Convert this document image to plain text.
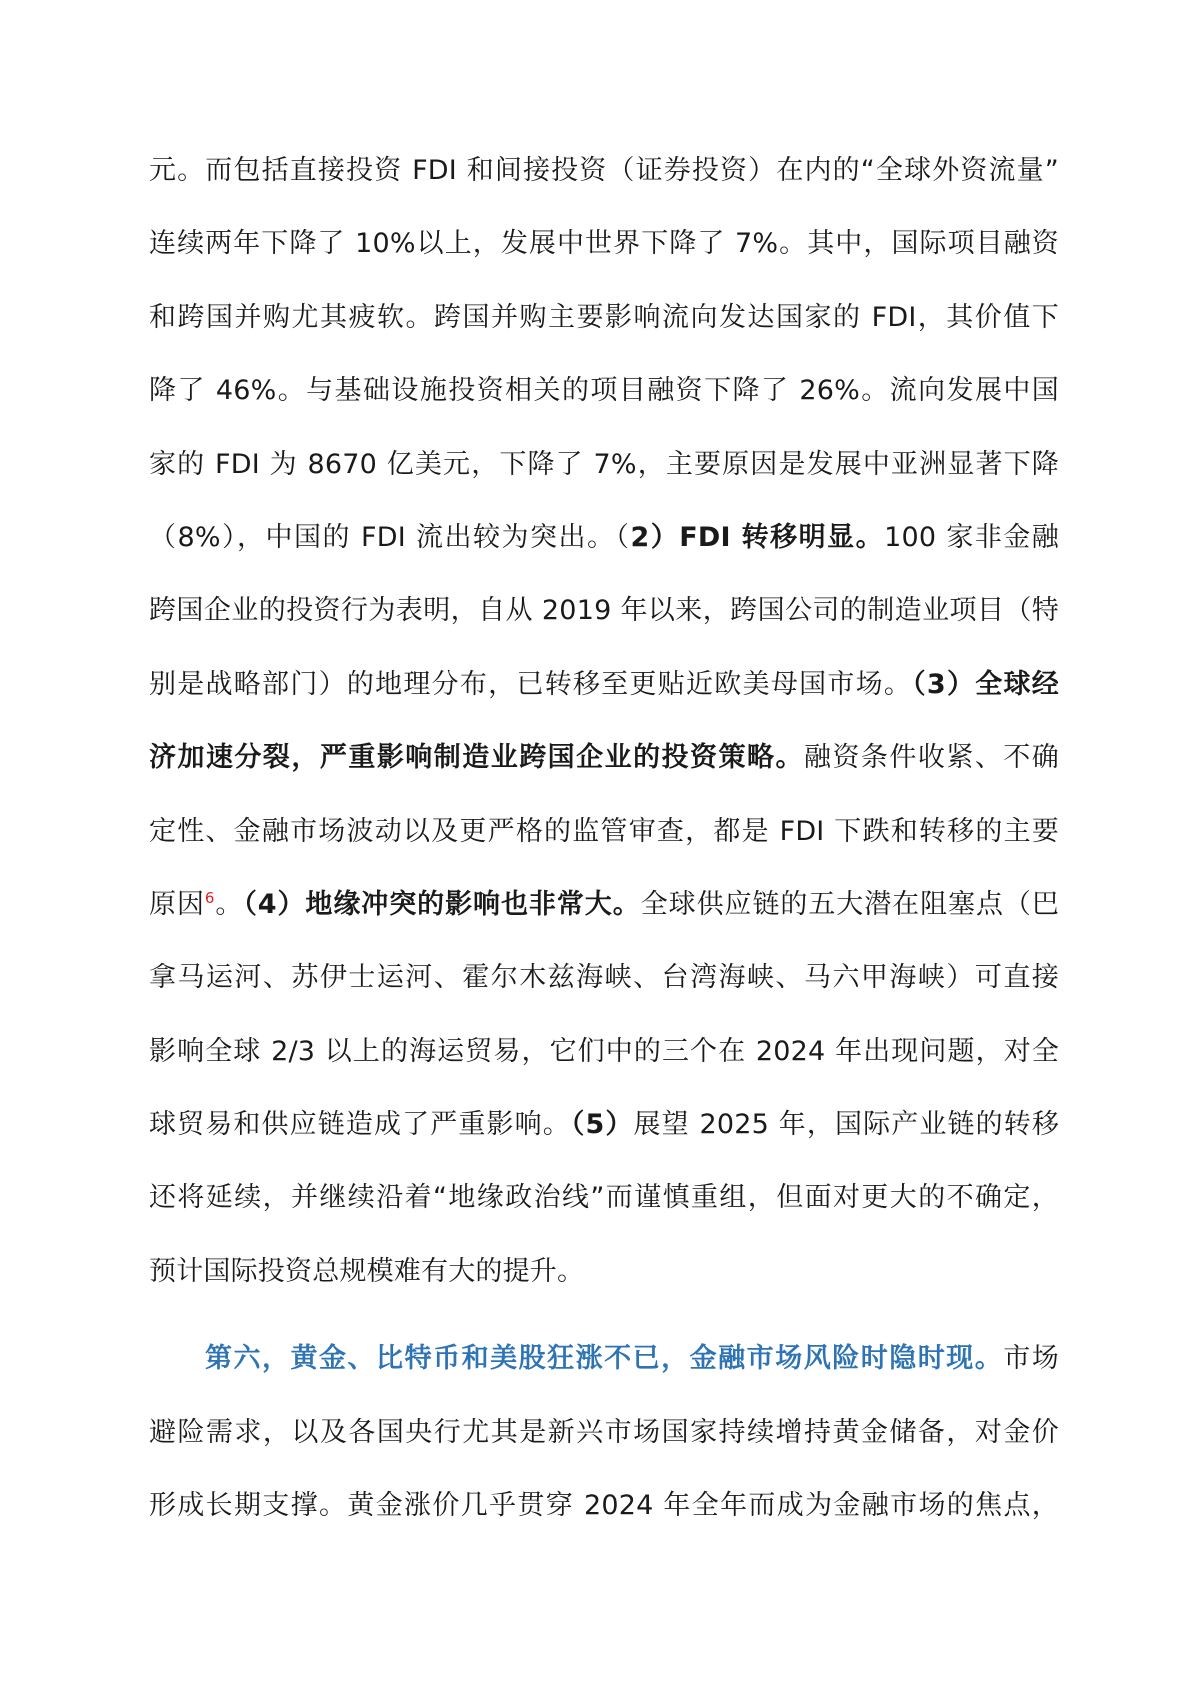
元。而包括直接投资 FDI 和间接投资（证券投资）在内的“全球外资流量”
连续两年下降了 10%以上，发展中世界下降了 7%。其中，国际项目融资
和跨国并购尤其疲软。跨国并购主要影响流向发达国家的 FDI，其价值下
降了 46%。与基础设施投资相关的项目融资下降了 26%。流向发展中国
家的 FDI 为 8670 亿美元，下降了 7%，主要原因是发展中亚洲显著下降
（8%），中国的 FDI 流出较为突出。（2）FDI 转移明显。100 家非金融
跨国企业的投资行为表明，自从 2019 年以来，跨国公司的制造业项目（特
别是战略部门）的地理分布，已转移至更贴近欧美母国市场。（3）全球经
济加速分裂，严重影响制造业跨国企业的投资策略。融资条件收紧、不确
定性、金融市场波动以及更严格的监管审查，都是 FDI 下跌和转移的主要
原因$^6$。（4）地缘冲突的影响也非常大。全球供应链的五大潜在阻塞点（巴
拿马运河、苏伊士运河、霍尔木兹海峡、台湾海峡、马六甲海峡）可直接
影响全球 2/3 以上的海运贸易，它们中的三个在 2024 年出现问题，对全
球贸易和供应链造成了严重影响。（5）展望 2025 年，国际产业链的转移
还将延续，并继续沿着“地缘政治线”而谨慎重组，但面对更大的不确定，
预计国际投资总规模难有大的提升。
第六，黄金、比特币和美股狂涨不已，金融市场风险时隐时现。市场
避险需求，以及各国央行尤其是新兴市场国家持续增持黄金储备，对金价
形成长期支撑。黄金涨价几乎贯穿 2024 年全年而成为金融市场的焦点，
